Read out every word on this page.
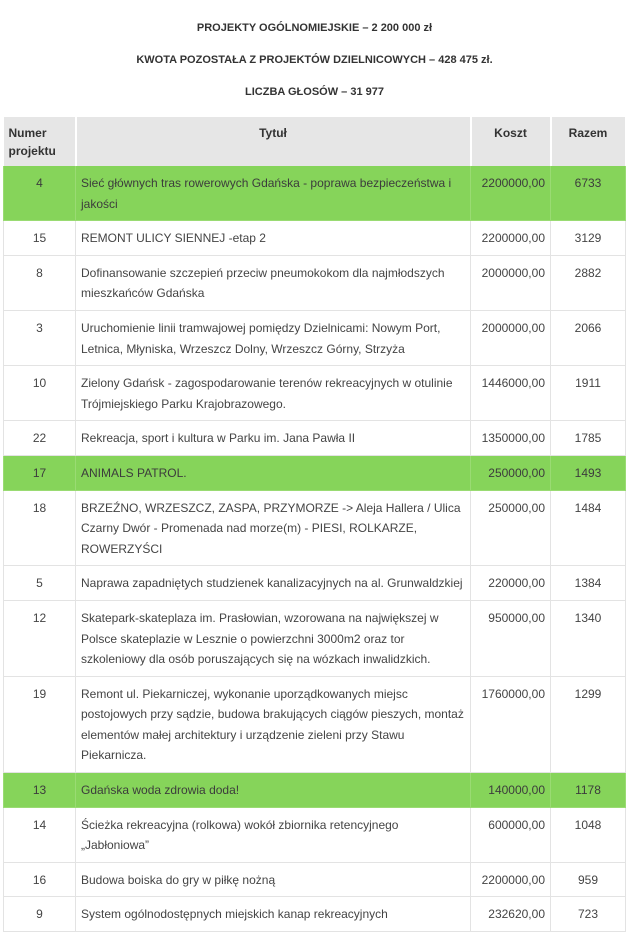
PROJEKTY OGÓLNOMIEJSKIE – 2 200 000 zł

KWOTA POZOSTAŁA Z PROJEKTÓW DZIELNICOWYCH – 428 475 zł.

LICZBA GŁOSÓW – 31 977

Numer
projektu	Tytuł	Koszt	Razem

4	Sieć głównych tras rowerowych Gdańska - poprawa bezpieczeństwa i jakości	2200000,00	6733
15	REMONT ULICY SIENNEJ -etap 2	2200000,00	3129
8	Dofinansowanie szczepień przeciw pneumokokom dla najmłodszych mieszkańców Gdańska	2000000,00	2882
3	Uruchomienie linii tramwajowej pomiędzy Dzielnicami: Nowym Port, Letnica, Młyniska, Wrzeszcz Dolny, Wrzeszcz Górny, Strzyża	2000000,00	2066
10	Zielony Gdańsk - zagospodarowanie terenów rekreacyjnych w otulinie Trójmiejskiego Parku Krajobrazowego.	1446000,00	1911
22	Rekreacja, sport i kultura w Parku im. Jana Pawła II	1350000,00	1785
17	ANIMALS PATROL.	250000,00	1493
18	BRZEŹNO, WRZESZCZ, ZASPA, PRZYMORZE -> Aleja Hallera / Ulica Czarny Dwór - Promenada nad morze(m) - PIESI, ROLKARZE, ROWERZYŚCI	250000,00	1484
5	Naprawa zapadniętych studzienek kanalizacyjnych na al. Grunwaldzkiej	220000,00	1384
12	Skatepark-skateplaza im. Prasłowian, wzorowana na największej w Polsce skateplazie w Lesznie o powierzchni 3000m2 oraz tor szkoleniowy dla osób poruszających się na wózkach inwalidzkich.	950000,00	1340
19	Remont ul. Piekarniczej, wykonanie uporządkowanych miejsc postojowych przy sądzie, budowa brakujących ciągów pieszych, montaż elementów małej architektury i urządzenie zieleni przy Stawu Piekarnicza.	1760000,00	1299
13	Gdańska woda zdrowia doda!	140000,00	1178
14	Ścieżka rekreacyjna (rolkowa) wokół zbiornika retencyjnego „Jabłoniowa”	600000,00	1048
16	Budowa boiska do gry w piłkę nożną	2200000,00	959
9	System ogólnodostępnych miejskich kanap rekreacyjnych	232620,00	723
